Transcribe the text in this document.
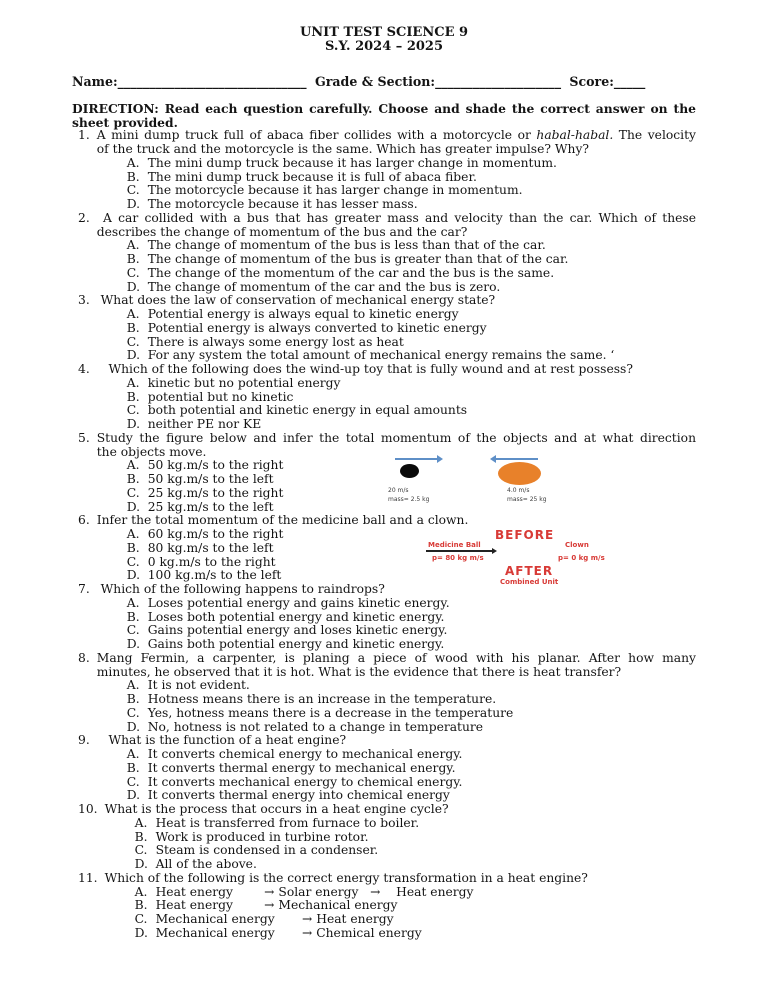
UNIT TEST SCIENCE 9
S.Y. 2024 – 2025
Name:______________________________ Grade & Section:____________________ Score:_____
DIRECTION: Read each question carefully. Choose and shade the correct answer on the
sheet provided.
1. A mini dump truck full of abaca fiber collides with a motorcycle or habal-habal. The velocity
of the truck and the motorcycle is the same. Which has greater impulse? Why?
A. The mini dump truck because it has larger change in momentum.
B. The mini dump truck because it is full of abaca fiber.
C. The motorcycle because it has larger change in momentum.
D. The motorcycle because it has lesser mass.
2. A car collided with a bus that has greater mass and velocity than the car. Which of these
describes the change of momentum of the bus and the car?
A. The change of momentum of the bus is less than that of the car.
B. The change of momentum of the bus is greater than that of the car.
C. The change of the momentum of the car and the bus is the same.
D. The change of momentum of the car and the bus is zero.
3. What does the law of conservation of mechanical energy state?
A. Potential energy is always equal to kinetic energy
B. Potential energy is always converted to kinetic energy
C. There is always some energy lost as heat
D. For any system the total amount of mechanical energy remains the same. ‘
4. Which of the following does the wind-up toy that is fully wound and at rest possess?
A. kinetic but no potential energy
B. potential but no kinetic
C. both potential and kinetic energy in equal amounts
D. neither PE nor KE
5. Study the figure below and infer the total momentum of the objects and at what direction
the objects move.
A. 50 kg.m/s to the right
B. 50 kg.m/s to the left
C. 25 kg.m/s to the right
D. 25 kg.m/s to the left
6. Infer the total momentum of the medicine ball and a clown.
A. 60 kg.m/s to the right
B. 80 kg.m/s to the left
C. 0 kg.m/s to the right
D. 100 kg.m/s to the left
7. Which of the following happens to raindrops?
A. Loses potential energy and gains kinetic energy.
B. Loses both potential energy and kinetic energy.
C. Gains potential energy and loses kinetic energy.
D. Gains both potential energy and kinetic energy.
8. Mang Fermin, a carpenter, is planing a piece of wood with his planar. After how many
minutes, he observed that it is hot. What is the evidence that there is heat transfer?
A. It is not evident.
B. Hotness means there is an increase in the temperature.
C. Yes, hotness means there is a decrease in the temperature
D. No, hotness is not related to a change in temperature
9. What is the function of a heat engine?
A. It converts chemical energy to mechanical energy.
B. It converts thermal energy to mechanical energy.
C. It converts mechanical energy to chemical energy.
D. It converts thermal energy into chemical energy
10. What is the process that occurs in a heat engine cycle?
A. Heat is transferred from furnace to boiler.
B. Work is produced in turbine rotor.
C. Steam is condensed in a condenser.
D. All of the above.
11. Which of the following is the correct energy transformation in a heat engine?
A. Heat energy        → Solar energy   →    Heat energy
B. Heat energy        → Mechanical energy
C. Mechanical energy       → Heat energy
D. Mechanical energy       → Chemical energy
20 m/s
mass= 2.5 kg
4.0 m/s
mass= 25 kg
BEFORE
Medicine Ball
p= 80 kg m/s
Clown
p= 0 kg m/s
AFTER
Combined Unit
